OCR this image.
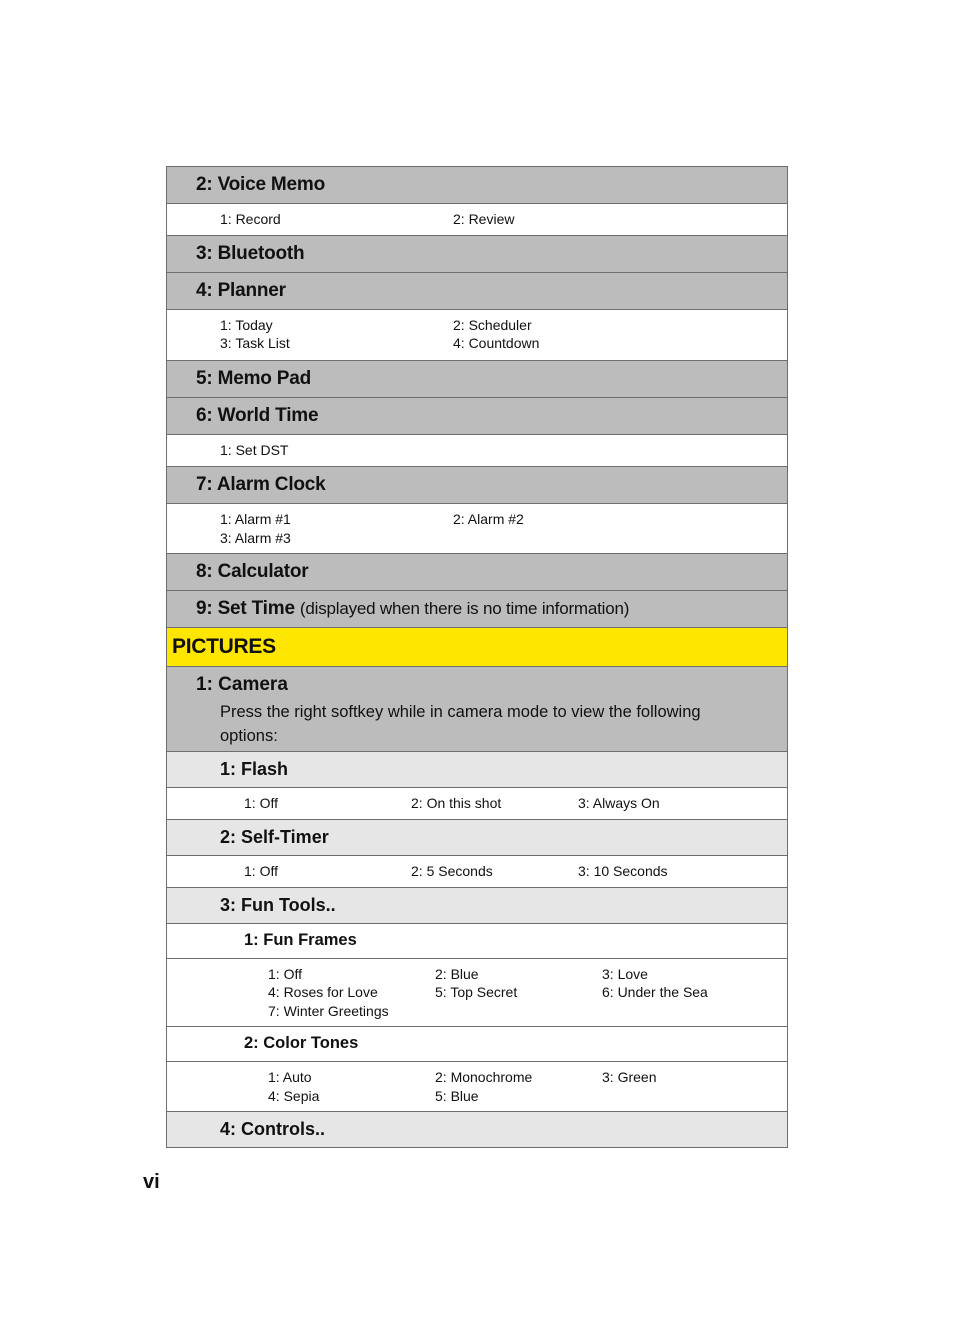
2: Voice Memo
1: Record	2: Review
3: Bluetooth
4: Planner
1: Today	2: Scheduler
3: Task List	4: Countdown
5: Memo Pad
6: World Time
1: Set DST
7: Alarm Clock
1: Alarm #1	2: Alarm #2
3: Alarm #3
8: Calculator
9: Set Time (displayed when there is no time information)
PICTURES
1: Camera
Press the right softkey while in camera mode to view the following options:
1: Flash
1: Off	2: On this shot	3: Always On
2: Self-Timer
1: Off	2: 5 Seconds	3: 10 Seconds
3: Fun Tools..
1: Fun Frames
1: Off	2: Blue	3: Love
4: Roses for Love	5: Top Secret	6: Under the Sea
7: Winter Greetings
2: Color Tones
1: Auto	2: Monochrome	3: Green
4: Sepia	5: Blue
4: Controls..
vi
